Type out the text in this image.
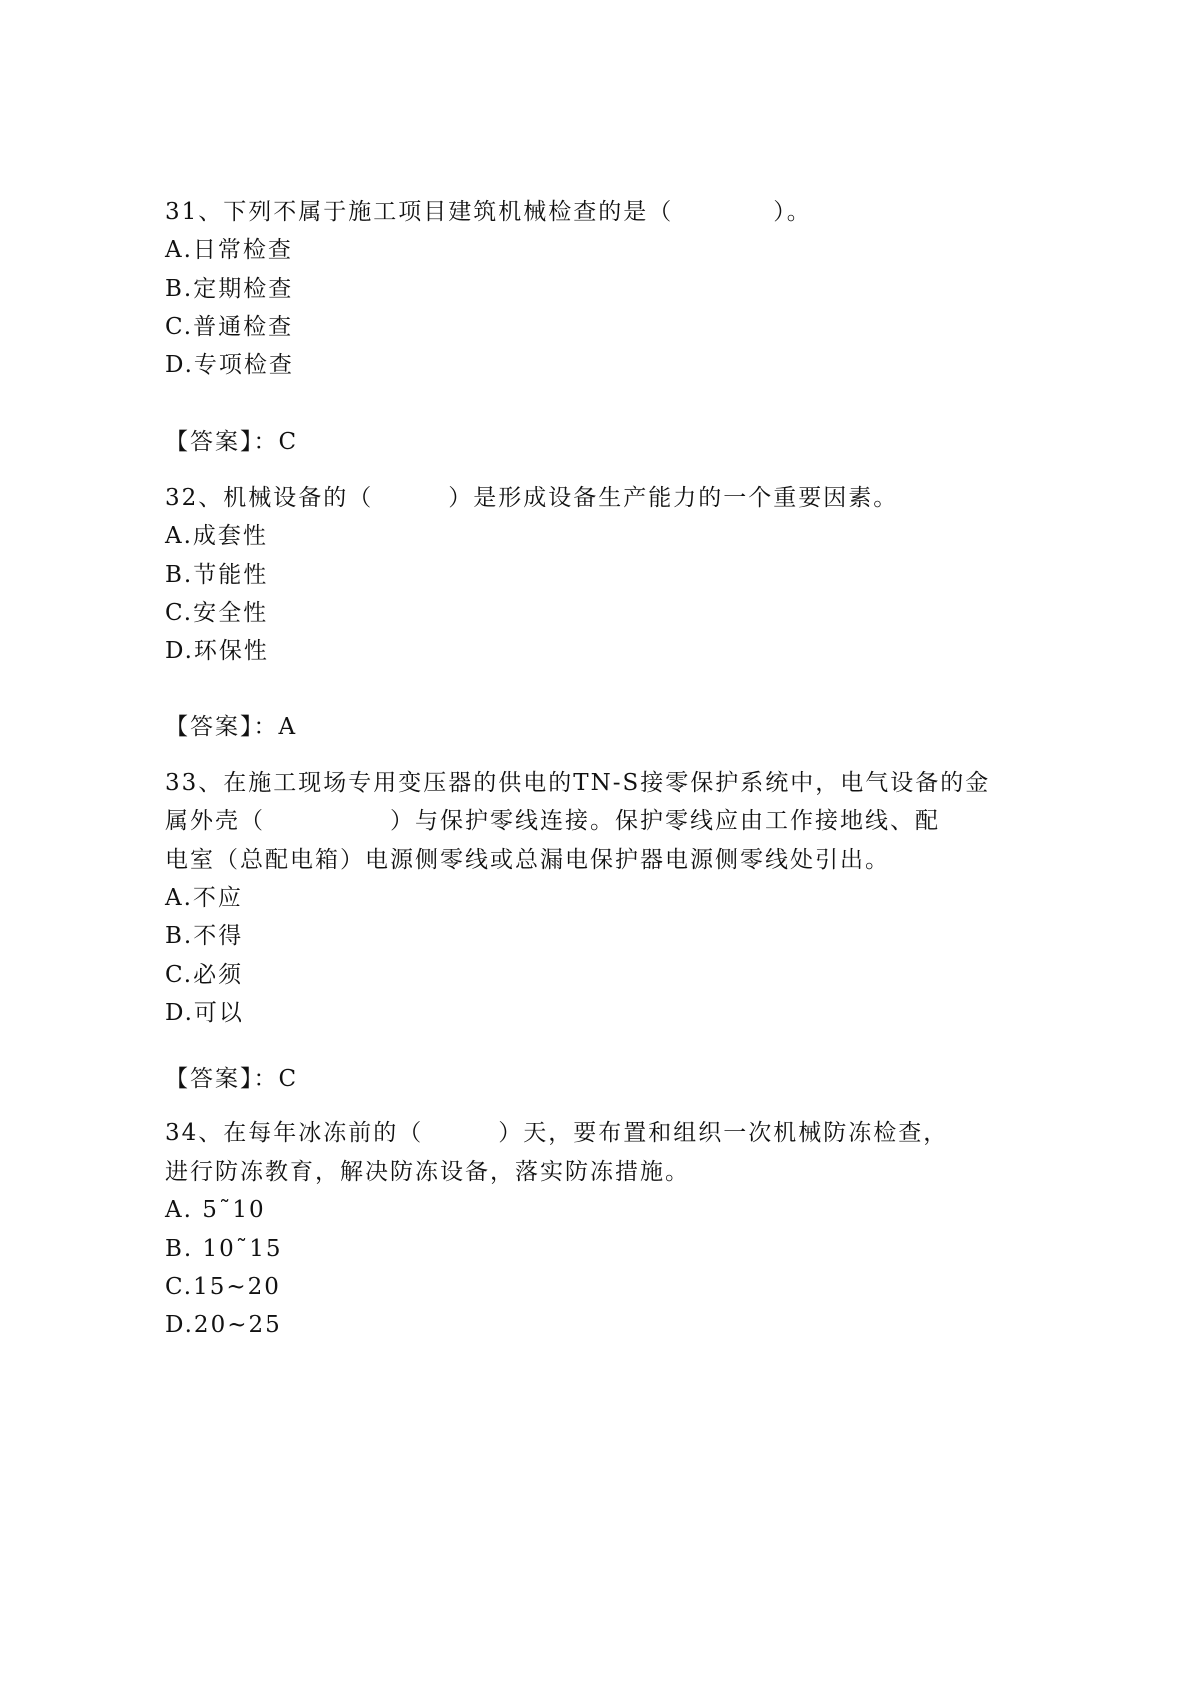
31、下列不属于施工项目建筑机械检查的是（　　　　）。
A.日常检查
B.定期检查
C.普通检查
D.专项检查
【答案】：C
32、机械设备的（　　　）是形成设备生产能力的一个重要因素。
A.成套性
B.节能性
C.安全性
D.环保性
【答案】：A
33、在施工现场专用变压器的供电的TN-S接零保护系统中，电气设备的金
属外壳（　　　　　）与保护零线连接。保护零线应由工作接地线、配
电室（总配电箱）电源侧零线或总漏电保护器电源侧零线处引出。
A.不应
B.不得
C.必须
D.可以
【答案】：C
34、在每年冰冻前的（　　　）天，要布置和组织一次机械防冻检查，
进行防冻教育，解决防冻设备，落实防冻措施。
A. 5˜10
B. 10˜15
C.15~20
D.20~25
